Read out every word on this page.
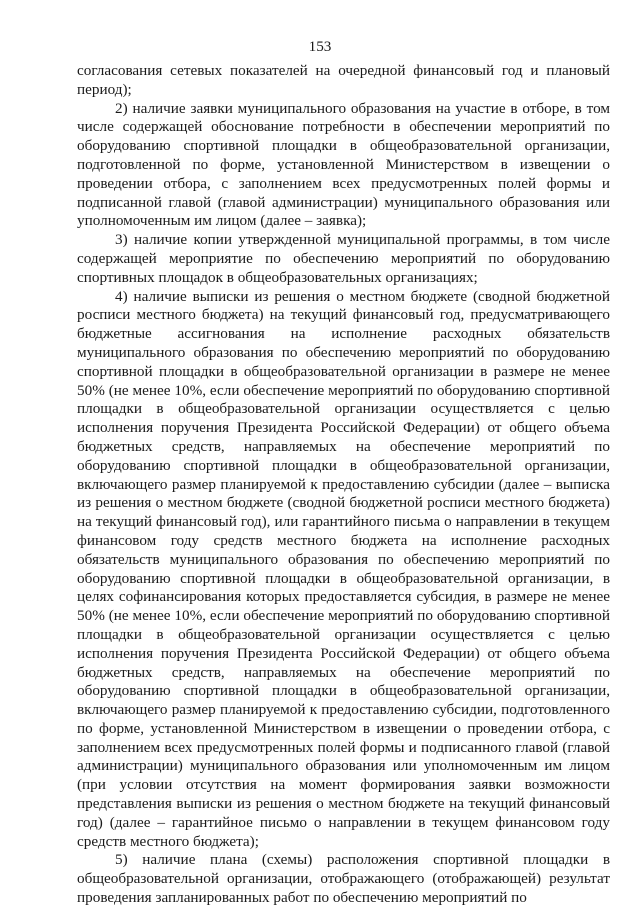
153

согласования сетевых показателей на очередной финансовый год и плановый период);

2) наличие заявки муниципального образования на участие в отборе, в том числе содержащей обоснование потребности в обеспечении мероприятий по оборудованию спортивной площадки в общеобразовательной организации, подготовленной по форме, установленной Министерством в извещении о проведении отбора, с заполнением всех предусмотренных полей формы и подписанной главой (главой администрации) муниципального образования или уполномоченным им лицом (далее – заявка);

3) наличие копии утвержденной муниципальной программы, в том числе содержащей мероприятие по обеспечению мероприятий по оборудованию спортивных площадок в общеобразовательных организациях;

4) наличие выписки из решения о местном бюджете (сводной бюджетной росписи местного бюджета) на текущий финансовый год, предусматривающего бюджетные ассигнования на исполнение расходных обязательств муниципального образования по обеспечению мероприятий по оборудованию спортивной площадки в общеобразовательной организации в размере не менее 50% (не менее 10%, если обеспечение мероприятий по оборудованию спортивной площадки в общеобразовательной организации осуществляется с целью исполнения поручения Президента Российской Федерации) от общего объема бюджетных средств, направляемых на обеспечение мероприятий по оборудованию спортивной площадки в общеобразовательной организации, включающего размер планируемой к предоставлению субсидии (далее – выписка из решения о местном бюджете (сводной бюджетной росписи местного бюджета) на текущий финансовый год), или гарантийного письма о направлении в текущем финансовом году средств местного бюджета на исполнение расходных обязательств муниципального образования по обеспечению мероприятий по оборудованию спортивной площадки в общеобразовательной организации, в целях софинансирования которых предоставляется субсидия, в размере не менее 50% (не менее 10%, если обеспечение мероприятий по оборудованию спортивной площадки в общеобразовательной организации осуществляется с целью исполнения поручения Президента Российской Федерации) от общего объема бюджетных средств, направляемых на обеспечение мероприятий по оборудованию спортивной площадки в общеобразовательной организации, включающего размер планируемой к предоставлению субсидии, подготовленного по форме, установленной Министерством в извещении о проведении отбора, с заполнением всех предусмотренных полей формы и подписанного главой (главой администрации) муниципального образования или уполномоченным им лицом (при условии отсутствия на момент формирования заявки возможности представления выписки из решения о местном бюджете на текущий финансовый год) (далее – гарантийное письмо о направлении в текущем финансовом году средств местного бюджета);

5) наличие плана (схемы) расположения спортивной площадки в общеобразовательной организации, отображающего (отображающей) результат проведения запланированных работ по обеспечению мероприятий по
